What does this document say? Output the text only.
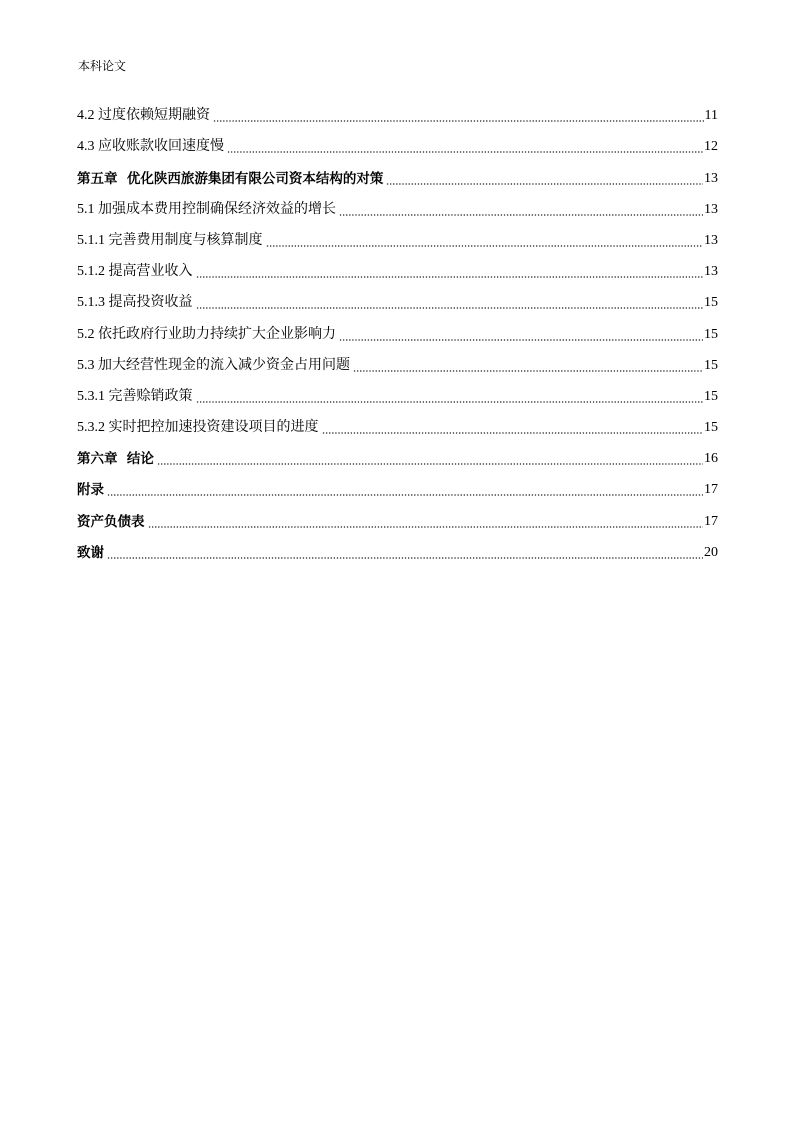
本科论文
4.2 过度依赖短期融资	11
4.3 应收账款收回速度慢	12
第五章  优化陕西旅游集团有限公司资本结构的对策	13
5.1 加强成本费用控制确保经济效益的增长	13
5.1.1 完善费用制度与核算制度	13
5.1.2 提高营业收入	13
5.1.3 提高投资收益	15
5.2 依托政府行业助力持续扩大企业影响力	15
5.3 加大经营性现金的流入减少资金占用问题	15
5.3.1 完善赊销政策	15
5.3.2 实时把控加速投资建设项目的进度	15
第六章  结论	16
附录	17
资产负债表	17
致谢	20
